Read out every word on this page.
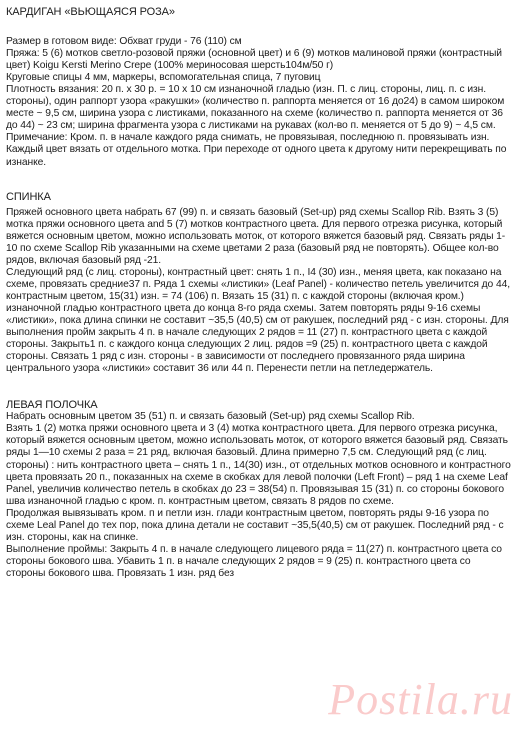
КАРДИГАН «ВЬЮЩАЯСЯ РОЗА»

Размер в готовом виде: Обхват груди - 76 (110) см

Пряжа: 5 (6) мотков светло-розовой пряжи (основной цвет) и 6 (9) мотков малиновой пряжи (контрастный цвет) Koigu Kersti Merino Crepe (100% мериносовая шерсть104м/50 г)

Круговые спицы 4 мм, маркеры, вспомогательная спица, 7 пуговиц

Плотность вязания: 20 п. х 30 р. = 10 х 10 см изнаночной гладью (изн. П. с лиц. стороны, лиц. п. с изн. стороны), один раппорт узора «ракушки» (количество п. раппорта меняется от 16 до24) в самом широком месте ~ 9,5 см, ширина узора с листиками, показанного на схеме (количество п. раппорта меняется от 36 до 44) ~ 23 см; ширина фрагмента узора с листиками на рукавах (кол-во п. меняется от 5 до 9) ~ 4,5 см.

Примечание: Кром. п. в начале каждого ряда снимать, не провязывая, последнюю п. провязывать изн.

Каждый цвет вязать от отдельного мотка. При переходе от одного цвета к другому нити перекрещивать по изнанке.

СПИНКА

Пряжей основного цвета набрать 67 (99) п. и связать базовый (Set-up) ряд схемы Scallop Rib. Взять 3 (5) мотка пряжи основного цвета and 5 (7) мотков контрастного цвета. Для первого отрезка рисунка, который вяжется основным цветом, можно использовать моток, от которого вяжется базовый ряд. Связать ряды 1-10 по схеме Scallop Rib указанными на схеме цветами 2 раза (базовый ряд не повторять). Общее кол-во рядов, включая базовый ряд -21.

Следующий ряд (с лиц. стороны), контрастный цвет: снять 1 п., I4 (30) изн., меняя цвета, как показано на схеме, провязать средние37 п. Ряда 1 схемы «листики» (Leaf Panel) - количество петель увеличится до 44, контрастным цветом, 15(31) изн. = 74 (106) п. Вязать 15 (31) п. с каждой стороны (включая кром.) изнаночной гладью контрастного цвета до конца 8-го ряда схемы. Затем повторять ряды 9-16 схемы «листики», пока длина спинки не составит ~35,5 (40,5) см от ракушек, последний ряд - с изн. стороны. Для выполнения пройм закрыть 4 п. в начале следующих 2 рядов = 11 (27) п. контрастного цвета с каждой стороны. Закрыть1 п. с каждого конца следующих 2 лиц. рядов =9 (25) п. контрастного цвета с каждой стороны. Связать 1 ряд с изн. стороны - в зависимости от последнего провязанного ряда ширина центрального узора «листики» составит 36 или 44 п. Перенести петли на петледержатель.

ЛЕВАЯ ПОЛОЧКА

Набрать основным цветом 35 (51) п. и связать базовый (Set-up) ряд схемы Scallop Rib.

Взять 1 (2) мотка пряжи основного цвета и 3 (4) мотка контрастного цвета. Для первого отрезка рисунка, который вяжется основным цветом, можно использовать моток, от которого вяжется базовый ряд. Связать ряды 1—10 схемы 2 раза = 21 ряд, включая базовый. Длина примерно 7,5 см. Следующий ряд (с лиц. стороны) : нить контрастного цвета – снять 1 п., 14(30) изн., от отдельных мотков основного и контрастного цвета провязать 20 п., показанных на схеме в скобках для левой полочки (Left Front) – ряд 1 на схеме Leaf Panel, увеличив количество петель в скобках до 23 = 38(54) п. Провязывая 15 (31) п. со стороны бокового шва изнаночной гладью с кром. п. контрастным цветом, связать 8 рядов по схеме.

Продолжая вывязывать кром. п и петли изн. глади контрастным цветом, повторять ряды 9-16 узора по схеме Leal Panel до тех пор, пока длина детали не составит ~35,5(40,5) см от ракушек. Последний ряд - с изн. стороны, как на спинке.

Выполнение проймы: Закрыть 4 п. в начале следующего лицевого ряда = 11(27) п. контрастного цвета со стороны бокового шва. Убавить 1 п. в начале следующих 2 рядов = 9 (25) п. контрастного цвета со стороны бокового шва. Провязать 1 изн. ряд без

Postila.ru
